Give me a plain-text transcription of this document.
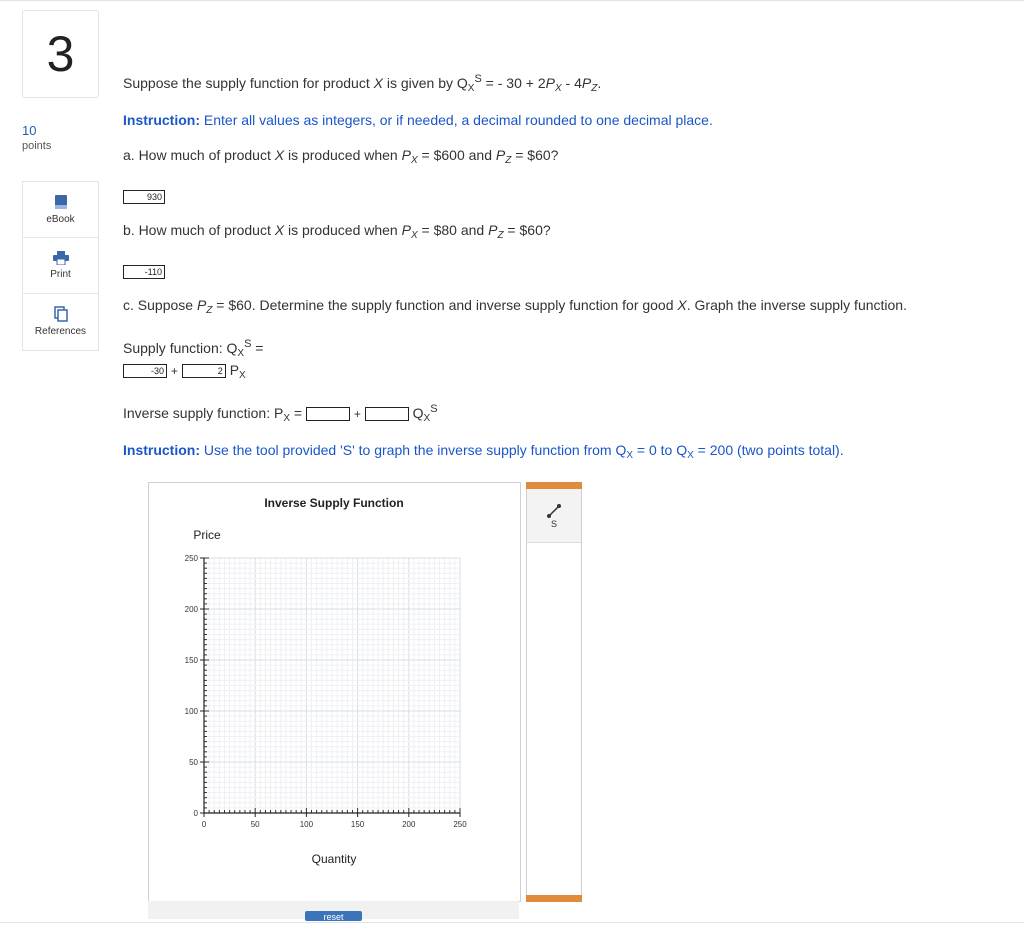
3
10
points
eBook
Print
References
Suppose the supply function for product X is given by $Q_X^S$ = - $30 + 2P_X - 4P_Z$.
Instruction: Enter all values as integers, or if needed, a decimal rounded to one decimal place.
a. How much of product X is produced when $P_X$ = $600 and $P_Z$ = $60?
930
b. How much of product X is produced when $P_X$ = $80 and $P_Z$ = $60?
-110
c. Suppose $P_Z$ = $60. Determine the supply function and inverse supply function for good X. Graph the inverse supply function.
Supply function: $Q_X^S$ =
-30 +	2 $P_X$
Inverse supply function: $P_X$ =	+	$Q_X^S$
Instruction: Use the tool provided 'S' to graph the inverse supply function from $Q_X = 0$ to $Q_X = 200$ (two points total).
Inverse Supply Function
Price
Quantity
0	50	100	150	200	250
0
50
100
150
200
250
reset
S
